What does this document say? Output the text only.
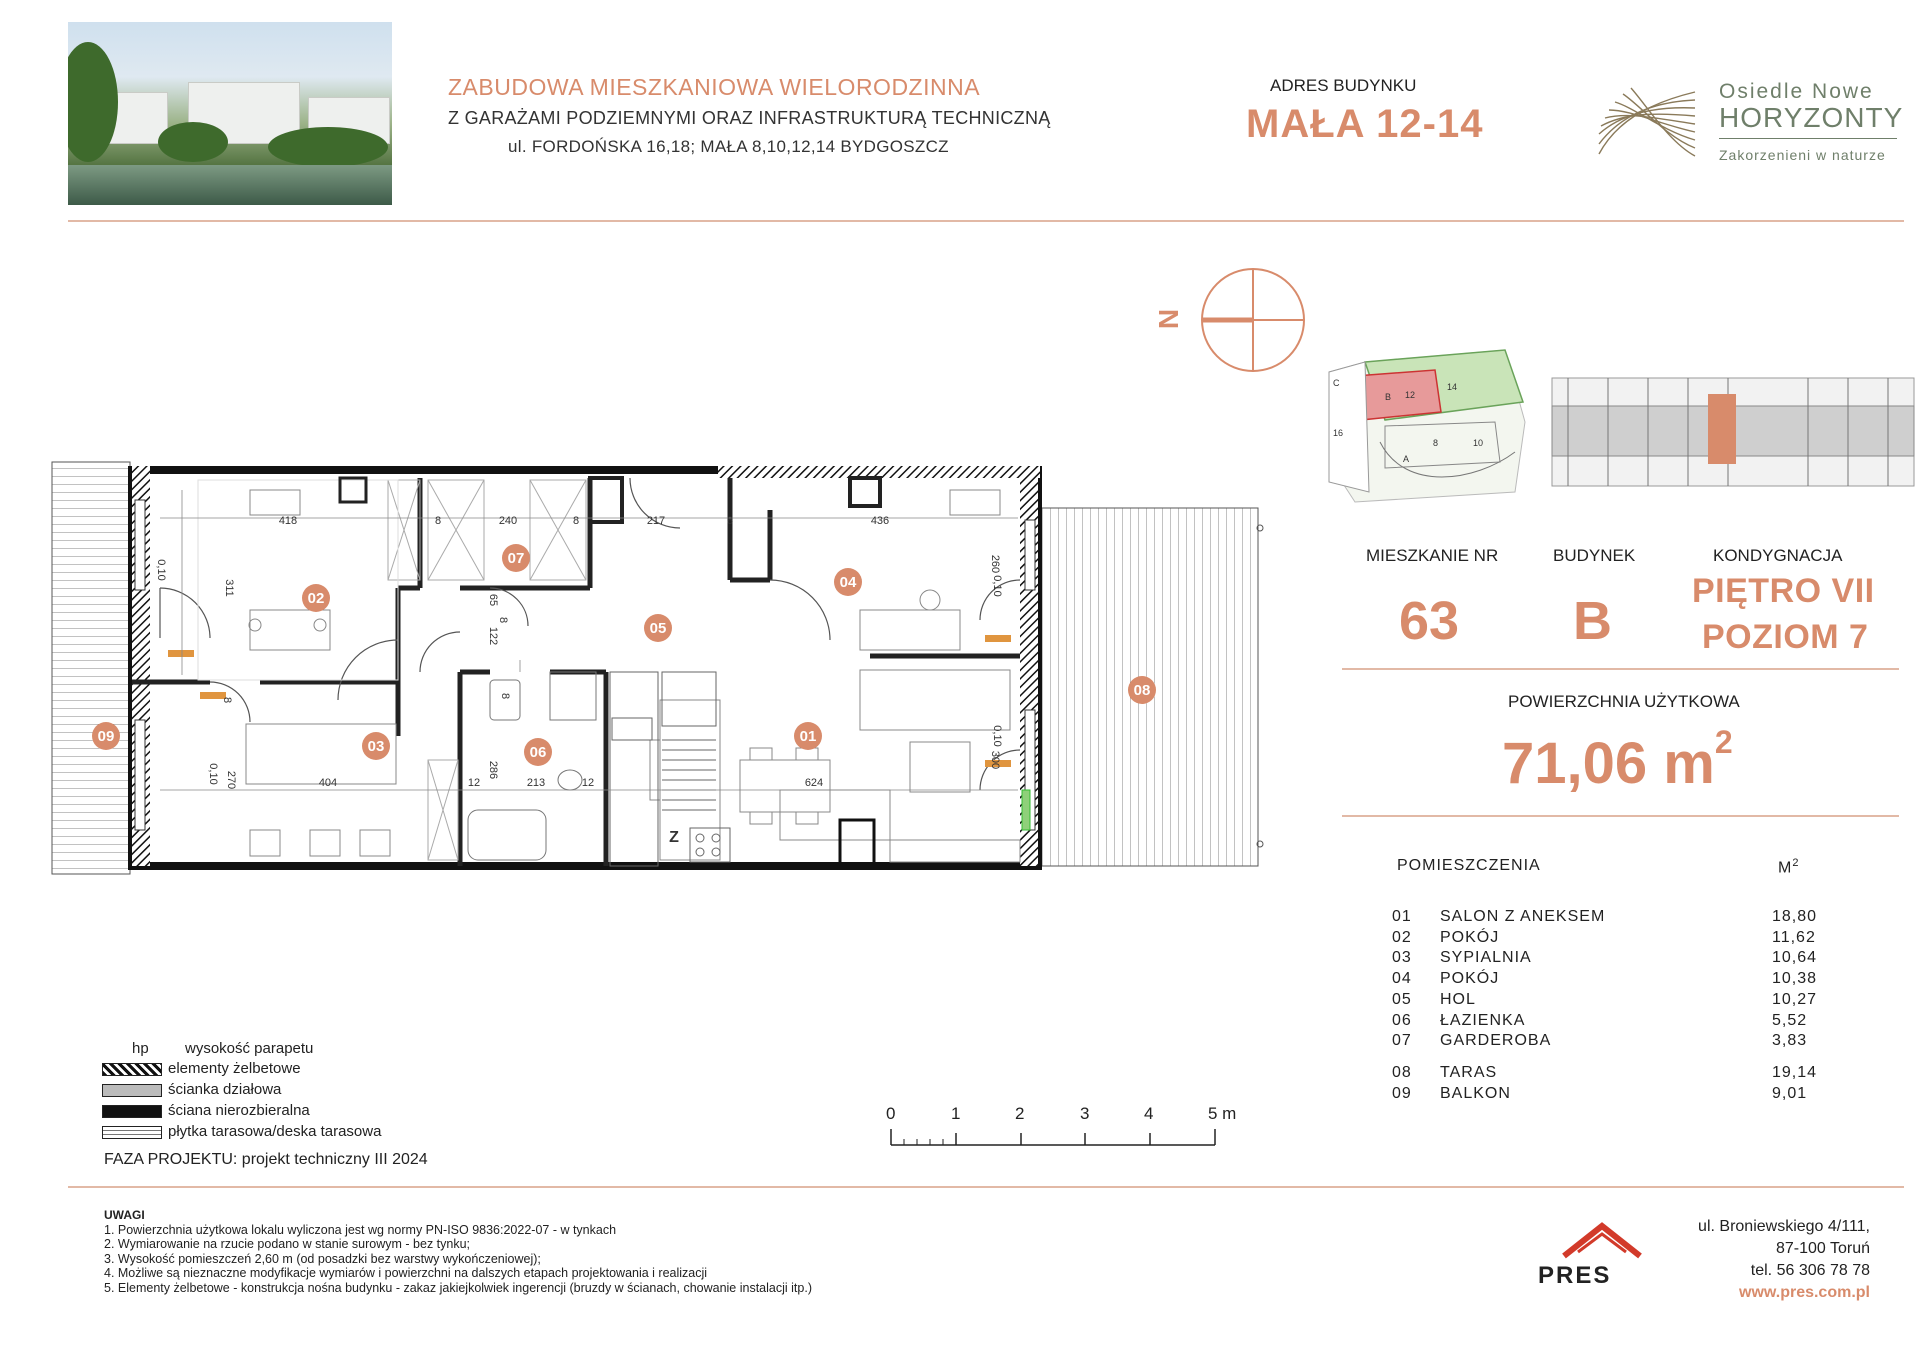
ZABUDOWA MIESZKANIOWA WIELORODZINNA
Z GARAŻAMI PODZIEMNYMI ORAZ INFRASTRUKTURĄ TECHNICZNĄ
ul. FORDOŃSKA 16,18; MAŁA 8,10,12,14 BYDGOSZCZ
ADRES BUDYNKU
MAŁA 12-14
Osiedle Nowe
HORYZONTY
Zakorzenieni w naturze
N
C
B 12
14
16
A
8	10
MIESZKANIE NR	BUDYNEK	KONDYGNACJA
63 B PIĘTRO VII
POZIOM 7
POWIERZCHNIA UŻYTKOWA
71,06 $m^2$
POMIESZCZENIA	$M^2$
01 SALON Z ANEKSEM	18,80
02 POKÓJ	11,62
03 SYPIALNIA	10,64
04 POKÓJ	10,38
05 HOL	10,27
06 ŁAZIENKA	5,52
07 GARDEROBA	3,83
08 TARAS	19,14
09 BALKON	9,01
418	240
8	8	217	8	436
311
65
8
260
122
8
8
270	404
286
213
12	12	624
300
0,10
0,10
0,10
0,10
Z
01
02
03
04
05
06
07
08
09
hp wysokość parapetu
elementy żelbetowe
ścianka działowa
ściana nierozbieralna
płytka tarasowa/deska tarasowa
FAZA PROJEKTU: projekt techniczny III 2024
0	1	2	3	4	5 m
UWAGI
1. Powierzchnia użytkowa lokalu wyliczona jest wg normy PN-ISO 9836:2022-07 - w tynkach
2. Wymiarowanie na rzucie podano w stanie surowym - bez tynku;
3. Wysokość pomieszczeń 2,60 m (od posadzki bez warstwy wykończeniowej);
4. Możliwe są nieznaczne modyfikacje wymiarów i powierzchni na dalszych etapach projektowania i realizacji
5. Elementy żelbetowe - konstrukcja nośna budynku - zakaz jakiejkolwiek ingerencji (bruzdy w ścianach, chowanie instalacji itp.)	PRES
ul. Broniewskiego 4/111,
87-100 Toruń
tel. 56 306 78 78
www.pres.com.pl
